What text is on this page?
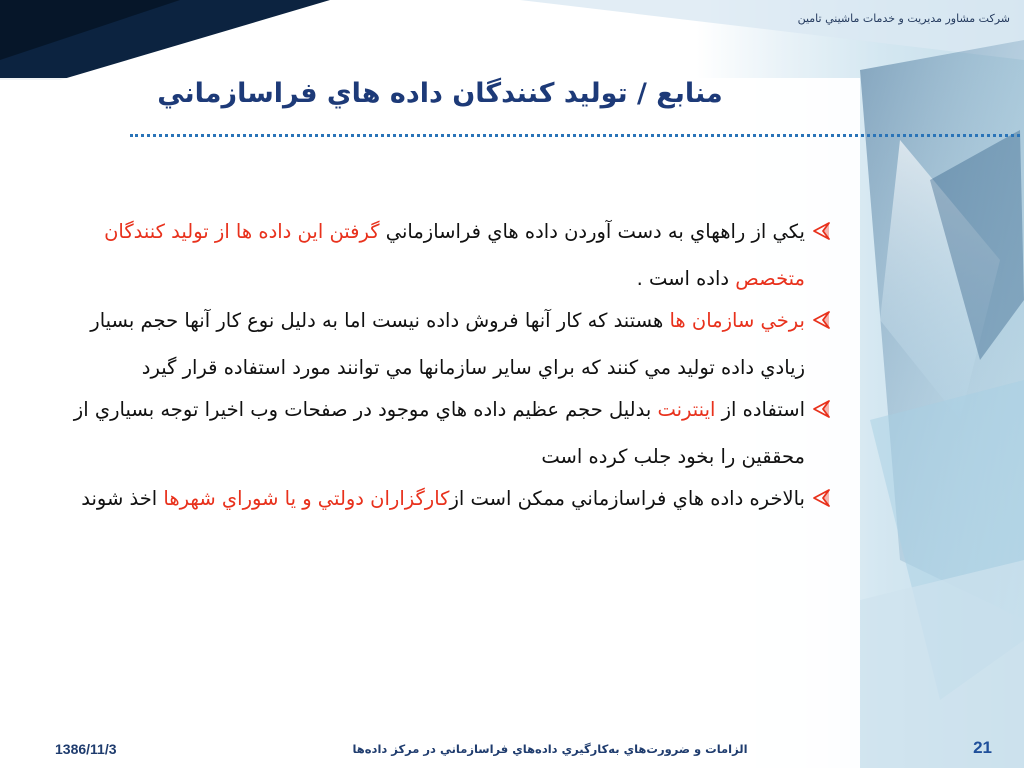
شرکت مشاور مديريت و خدمات ماشيني تامين
منابع / توليد کنندگان داده هاي فراسازماني
يکي از راههاي به دست آوردن داده هاي فراسازماني گرفتن اين داده ها از توليد کنندگان متخصص داده است .
برخي سازمان ها هستند که کار آنها فروش داده نيست اما به دليل نوع کار آنها حجم بسيار زيادي داده توليد مي کنند که براي ساير سازمانها مي توانند مورد استفاده قرار گيرد
استفاده از اينترنت بدليل حجم عظيم داده هاي موجود در صفحات وب اخيرا توجه بسياري از محققين را بخود جلب کرده است
بالاخره داده هاي فراسازماني ممکن است ازکارگزاران دولتي و يا شوراي شهرها اخذ شوند
1386/11/3	الزامات و ضرورت‌هاي به‌کارگيري داده‌هاي فراسازماني در مرکز داده‌ها	21
